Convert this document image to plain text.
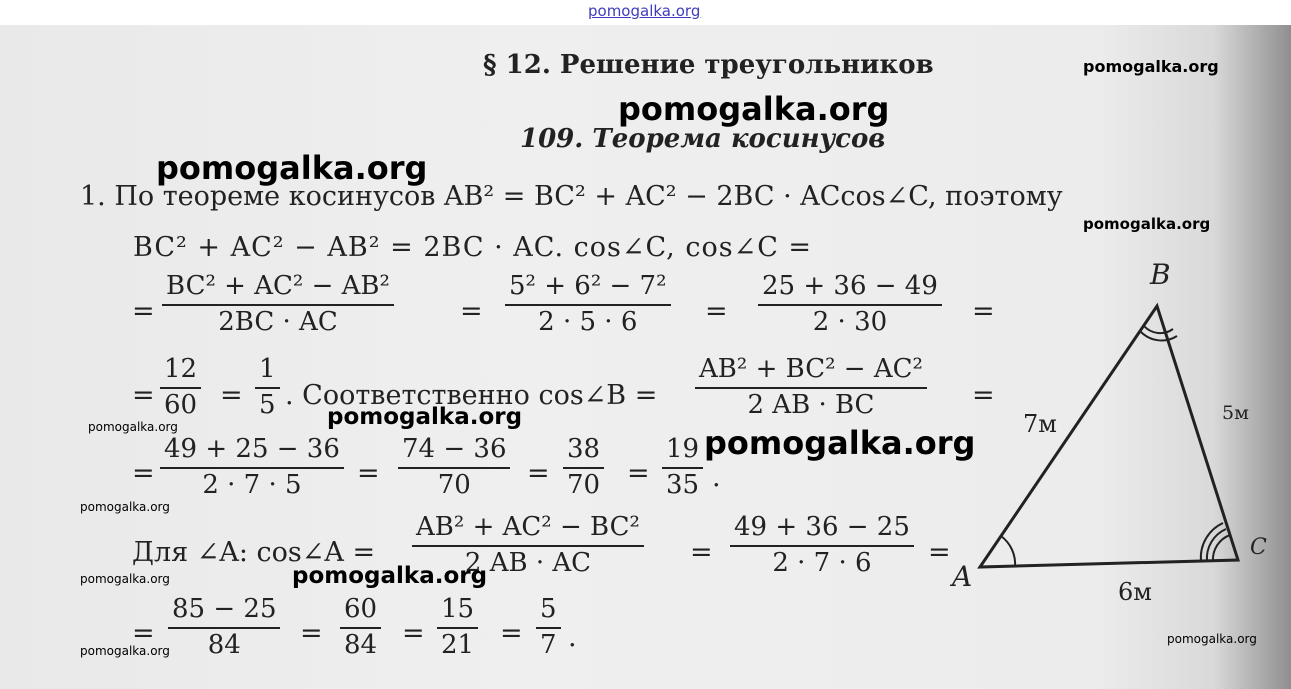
pomogalka.org
§ 12. Решение треугольников
109. Теорема косинусов
1. По теореме косинусов AB² = BC² + AC² − 2BC · ACcos∠C, поэтому
BC² + AC² − AB² = 2BC · AC. cos∠C, cos∠C =
= $\frac{\text{BC² + AC² − AB²}}{2BC \cdot AC} = \frac{\text{5² + 6² − 7²}}{2 \cdot 5 \cdot 6} = \frac{25 + 36 - 49}{2 \cdot 30}$ =
= $\frac{12}{60} = \frac{1}{5}$ . Соответственно cos∠B = $\frac{\text{AB² + BC² − AC²}}{2 AB \cdot BC}$ =
= $\frac{49 + 25 - 36}{2 \cdot 7 \cdot 5} = \frac{74 - 36}{70} = \frac{38}{70} = \frac{19}{35}$ .
Для ∠A: cos∠A = $\frac{\text{AB² + AC² − BC²}}{2 AB \cdot AC} = \frac{49 + 36 - 25}{2 \cdot 7 \cdot 6}$ =
= $\frac{85 - 25}{84} = \frac{60}{84} = \frac{15}{21} = \frac{5}{7}$ .
B
A
C
7м	5м
6м
pomogalka.org
pomogalka.org
pomogalka.org
pomogalka.org
pomogalka.org
pomogalka.org	pomogalka.org
pomogalka.org
pomogalka.org
pomogalka.org
pomogalka.org
pomogalka.org
